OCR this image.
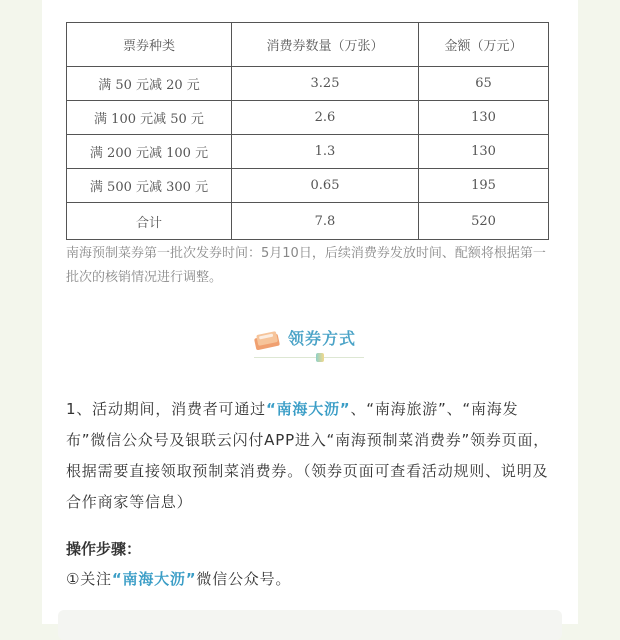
票券种类	消费券数量（万张）	金额（万元）
满 50 元减 20 元	3.25	65
满 100 元减 50 元	2.6	130
满 200 元减 100 元	1.3	130
满 500 元减 300 元	0.65	195
合计	7.8	520
南海预制菜券第一批次发券时间：5月10日，后续消费券发放时间、配额将根据第一批次的核销情况进行调整。
领券方式
1、活动期间，消费者可通过“南海大沥”、“南海旅游”、“南海发布”微信公众号及银联云闪付APP进入“南海预制菜消费券”领券页面，根据需要直接领取预制菜消费券。（领券页面可查看活动规则、说明及合作商家等信息）
操作步骤：
①关注“南海大沥”微信公众号。
